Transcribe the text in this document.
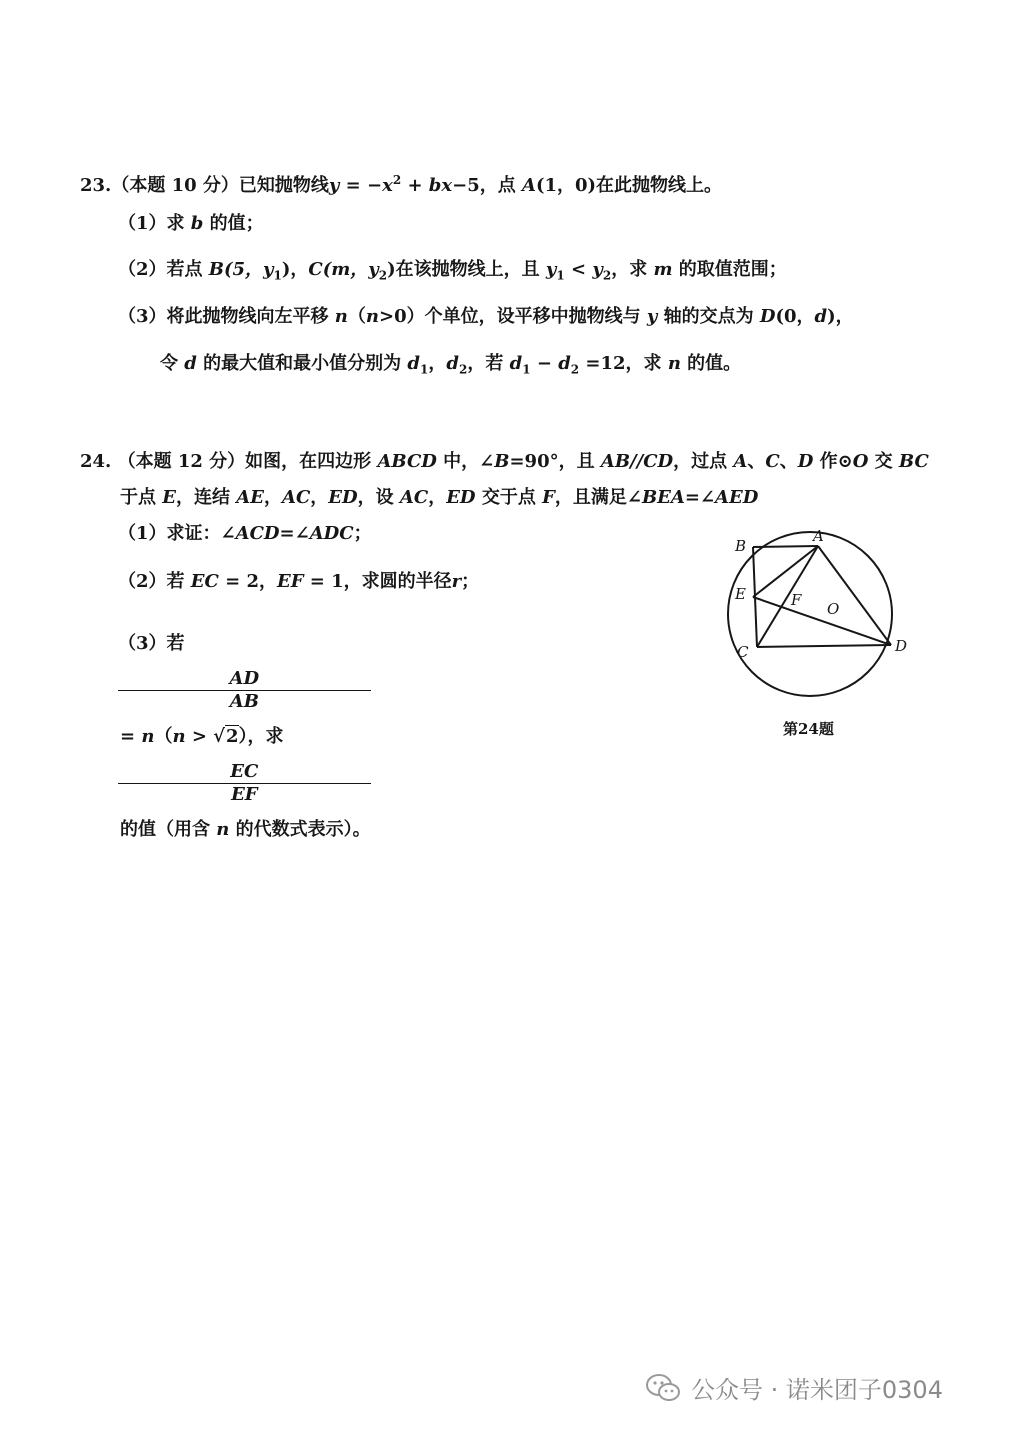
23.（本题 10 分）已知抛物线$y = -x^2 + bx-5$，点 A(1，0)在此抛物线上。
（1）求 b 的值；
（2）若点 B(5，$y_1$)，C(m，$y_2$)在该抛物线上，且 $y_1 < y_2$，求 m 的取值范围；
（3）将此抛物线向左平移 n（n>0）个单位，设平移中抛物线与 y 轴的交点为 D(0，d)，
令 d 的最大值和最小值分别为 $d_1$，$d_2$，若 $d_1 - d_2 =12$，求 n 的值。
24. （本题 12 分）如图，在四边形 ABCD 中，∠B=90°，且 AB//CD，过点 A、C、D 作⊙O 交 BC
于点 E，连结 AE，AC，ED，设 AC，ED 交于点 F，且满足∠BEA=∠AED
（1）求证：∠ACD=∠ADC；
（2）若 EC = 2，EF = 1，求圆的半径r；
（3）若
AD
AB
= n（n > √2），求
EC
EF
的值（用含 n 的代数式表示）。
B
A
E	F O
C	D
第24题
公众号 · 诺米团子0304
